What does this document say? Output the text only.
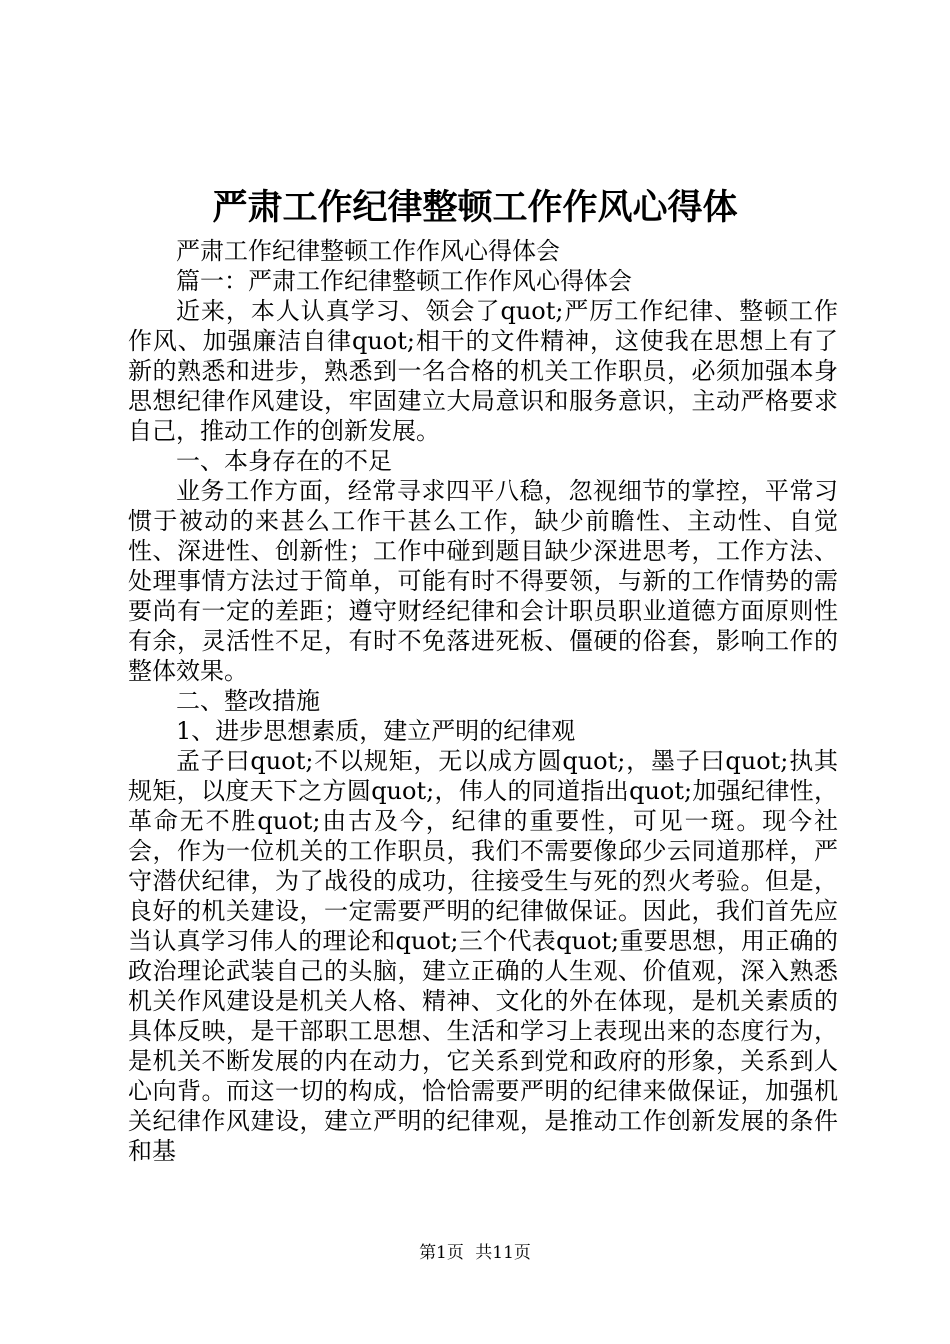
严肃工作纪律整顿工作作风心得体

严肃工作纪律整顿工作作风心得体会

篇一：严肃工作纪律整顿工作作风心得体会

近来，本人认真学习、领会了quot;严厉工作纪律、整顿工作作风、加强廉洁自律quot;相干的文件精神，这使我在思想上有了新的熟悉和进步，熟悉到一名合格的机关工作职员，必须加强本身思想纪律作风建设，牢固建立大局意识和服务意识，主动严格要求自己，推动工作的创新发展。

一、本身存在的不足

业务工作方面，经常寻求四平八稳，忽视细节的掌控，平常习惯于被动的来甚么工作干甚么工作，缺少前瞻性、主动性、自觉性、深进性、创新性；工作中碰到题目缺少深进思考，工作方法、处理事情方法过于简单，可能有时不得要领，与新的工作情势的需要尚有一定的差距；遵守财经纪律和会计职员职业道德方面原则性有余，灵活性不足，有时不免落进死板、僵硬的俗套，影响工作的整体效果。

二、整改措施

1、进步思想素质，建立严明的纪律观

孟子曰quot;不以规矩，无以成方圆quot;，墨子曰quot;执其规矩，以度天下之方圆quot;，伟人的同道指出quot;加强纪律性，革命无不胜quot;由古及今，纪律的重要性，可见一斑。现今社会，作为一位机关的工作职员，我们不需要像邱少云同道那样，严守潜伏纪律，为了战役的成功，往接受生与死的烈火考验。但是，良好的机关建设，一定需要严明的纪律做保证。因此，我们首先应当认真学习伟人的理论和quot;三个代表quot;重要思想，用正确的政治理论武装自己的头脑，建立正确的人生观、价值观，深入熟悉机关作风建设是机关人格、精神、文化的外在体现，是机关素质的具体反映，是干部职工思想、生活和学习上表现出来的态度行为，是机关不断发展的内在动力，它关系到党和政府的形象，关系到人心向背。而这一切的构成，恰恰需要严明的纪律来做保证，加强机关纪律作风建设，建立严明的纪律观，是推动工作创新发展的条件和基

第1页 共11页
